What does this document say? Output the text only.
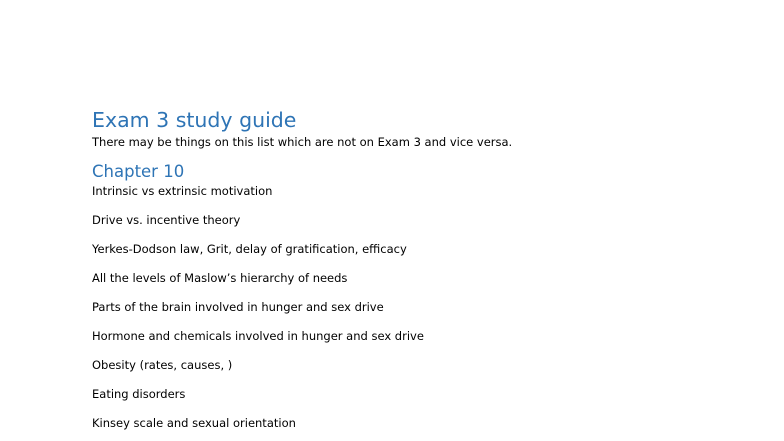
Exam 3 study guide

There may be things on this list which are not on Exam 3 and vice versa.

Chapter 10
Intrinsic vs extrinsic motivation
Drive vs. incentive theory
Yerkes-Dodson law, Grit, delay of gratification, efficacy
All the levels of Maslow’s hierarchy of needs
Parts of the brain involved in hunger and sex drive
Hormone and chemicals involved in hunger and sex drive
Obesity (rates, causes, )
Eating disorders
Kinsey scale and sexual orientation
